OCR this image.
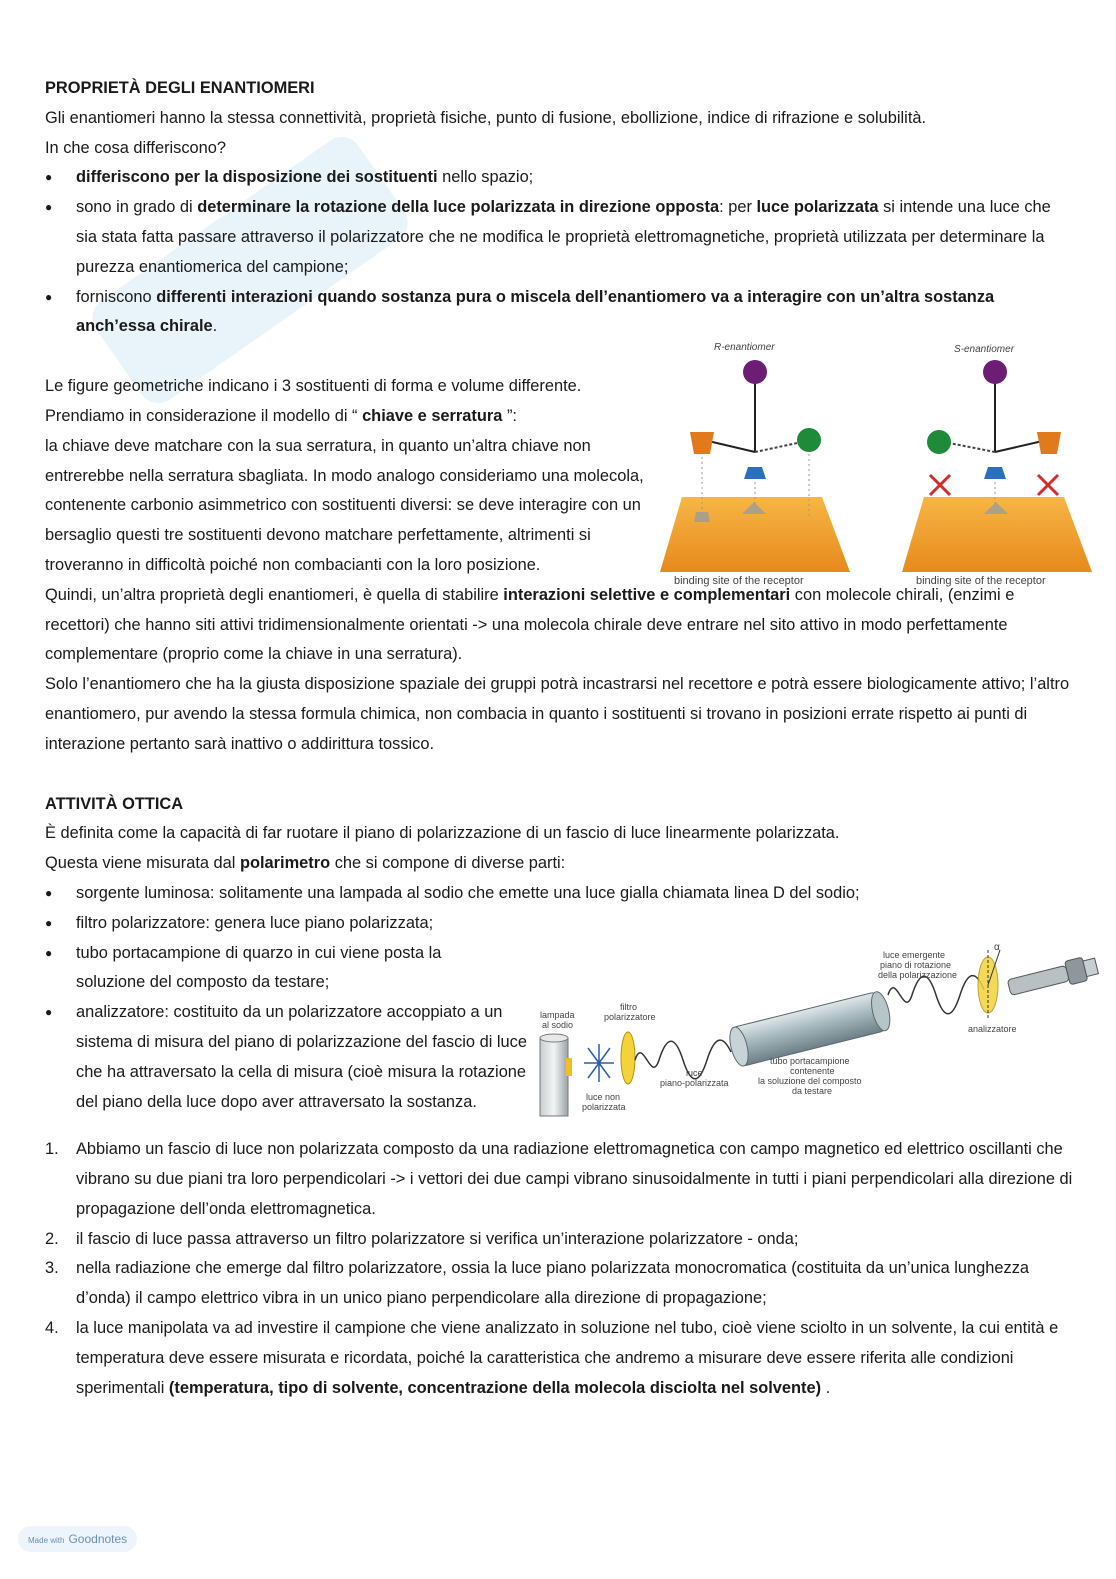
PROPRIETÀ DEGLI ENANTIOMERI

Gli enantiomeri hanno la stessa connettività, proprietà fisiche, punto di fusione, ebollizione, indice di rifrazione e solubilità.

In che cosa differiscono?

● differiscono per la disposizione dei sostituenti nello spazio;
● sono in grado di determinare la rotazione della luce polarizzata in direzione opposta: per luce polarizzata si intende una luce che sia stata fatta passare attraverso il polarizzatore che ne modifica le proprietà elettromagnetiche, proprietà utilizzata per determinare la purezza enantiomerica del campione;
● forniscono differenti interazioni quando sostanza pura o miscela dell’enantiomero va a interagire con un’altra sostanza anch’essa chirale.

Le figure geometriche indicano i 3 sostituenti di forma e volume differente.

Prendiamo in considerazione il modello di “ chiave e serratura ”:

la chiave deve matchare con la sua serratura, in quanto un’altra chiave non entrerebbe nella serratura sbagliata. In modo analogo consideriamo una molecola, contenente carbonio asimmetrico con sostituenti diversi: se deve interagire con un bersaglio questi tre sostituenti devono matchare perfettamente, altrimenti si troveranno in difficoltà poiché non combacianti con la loro posizione.

Quindi, un’altra proprietà degli enantiomeri, è quella di stabilire interazioni selettive e complementari con molecole chirali, (enzimi e recettori) che hanno siti attivi tridimensionalmente orientati -> una molecola chirale deve entrare nel sito attivo in modo perfettamente complementare (proprio come la chiave in una serratura).

Solo l’enantiomero che ha la giusta disposizione spaziale dei gruppi potrà incastrarsi nel recettore e potrà essere biologicamente attivo; l’altro enantiomero, pur avendo la stessa formula chimica, non combacia in quanto i sostituenti si trovano in posizioni errate rispetto ai punti di interazione pertanto sarà inattivo o addirittura tossico.

ATTIVITÀ OTTICA

È definita come la capacità di far ruotare il piano di polarizzazione di un fascio di luce linearmente polarizzata.

Questa viene misurata dal polarimetro che si compone di diverse parti:

● sorgente luminosa: solitamente una lampada al sodio che emette una luce gialla chiamata linea D del sodio;
● filtro polarizzatore: genera luce piano polarizzata;
● tubo portacampione di quarzo in cui viene posta la soluzione del composto da testare;
● analizzatore: costituito da un polarizzatore accoppiato a un sistema di misura del piano di polarizzazione del fascio di luce che ha attraversato la cella di misura (cioè misura la rotazione del piano della luce dopo aver attraversato la sostanza.
1. Abbiamo un fascio di luce non polarizzata composto da una radiazione elettromagnetica con campo magnetico ed elettrico oscillanti che vibrano su due piani tra loro perpendicolari -> i vettori dei due campi vibrano sinusoidalmente in tutti i piani perpendicolari alla direzione di propagazione dell’onda elettromagnetica.
2. il fascio di luce passa attraverso un filtro polarizzatore si verifica un’interazione polarizzatore - onda;
3. nella radiazione che emerge dal filtro polarizzatore, ossia la luce piano polarizzata monocromatica (costituita da un’unica lunghezza d’onda) il campo elettrico vibra in un unico piano perpendicolare alla direzione di propagazione;
4. la luce manipolata va ad investire il campione che viene analizzato in soluzione nel tubo, cioè viene sciolto in un solvente, la cui entità e temperatura deve essere misurata e ricordata, poiché la caratteristica che andremo a misurare deve essere riferita alle condizioni sperimentali (temperatura, tipo di solvente, concentrazione della molecola disciolta nel solvente) .
R-enantiomer
binding site of the receptor
S-enantiomer
binding site of the receptor
lampada al sodio
luce non polarizzata
filtro polarizzatore
luce piano-polarizzata
tubo portacampione contenente la soluzione del composto da testare
luce emergente piano di rotazione della polarizzazione
α
analizzatore
Made with Goodnotes
